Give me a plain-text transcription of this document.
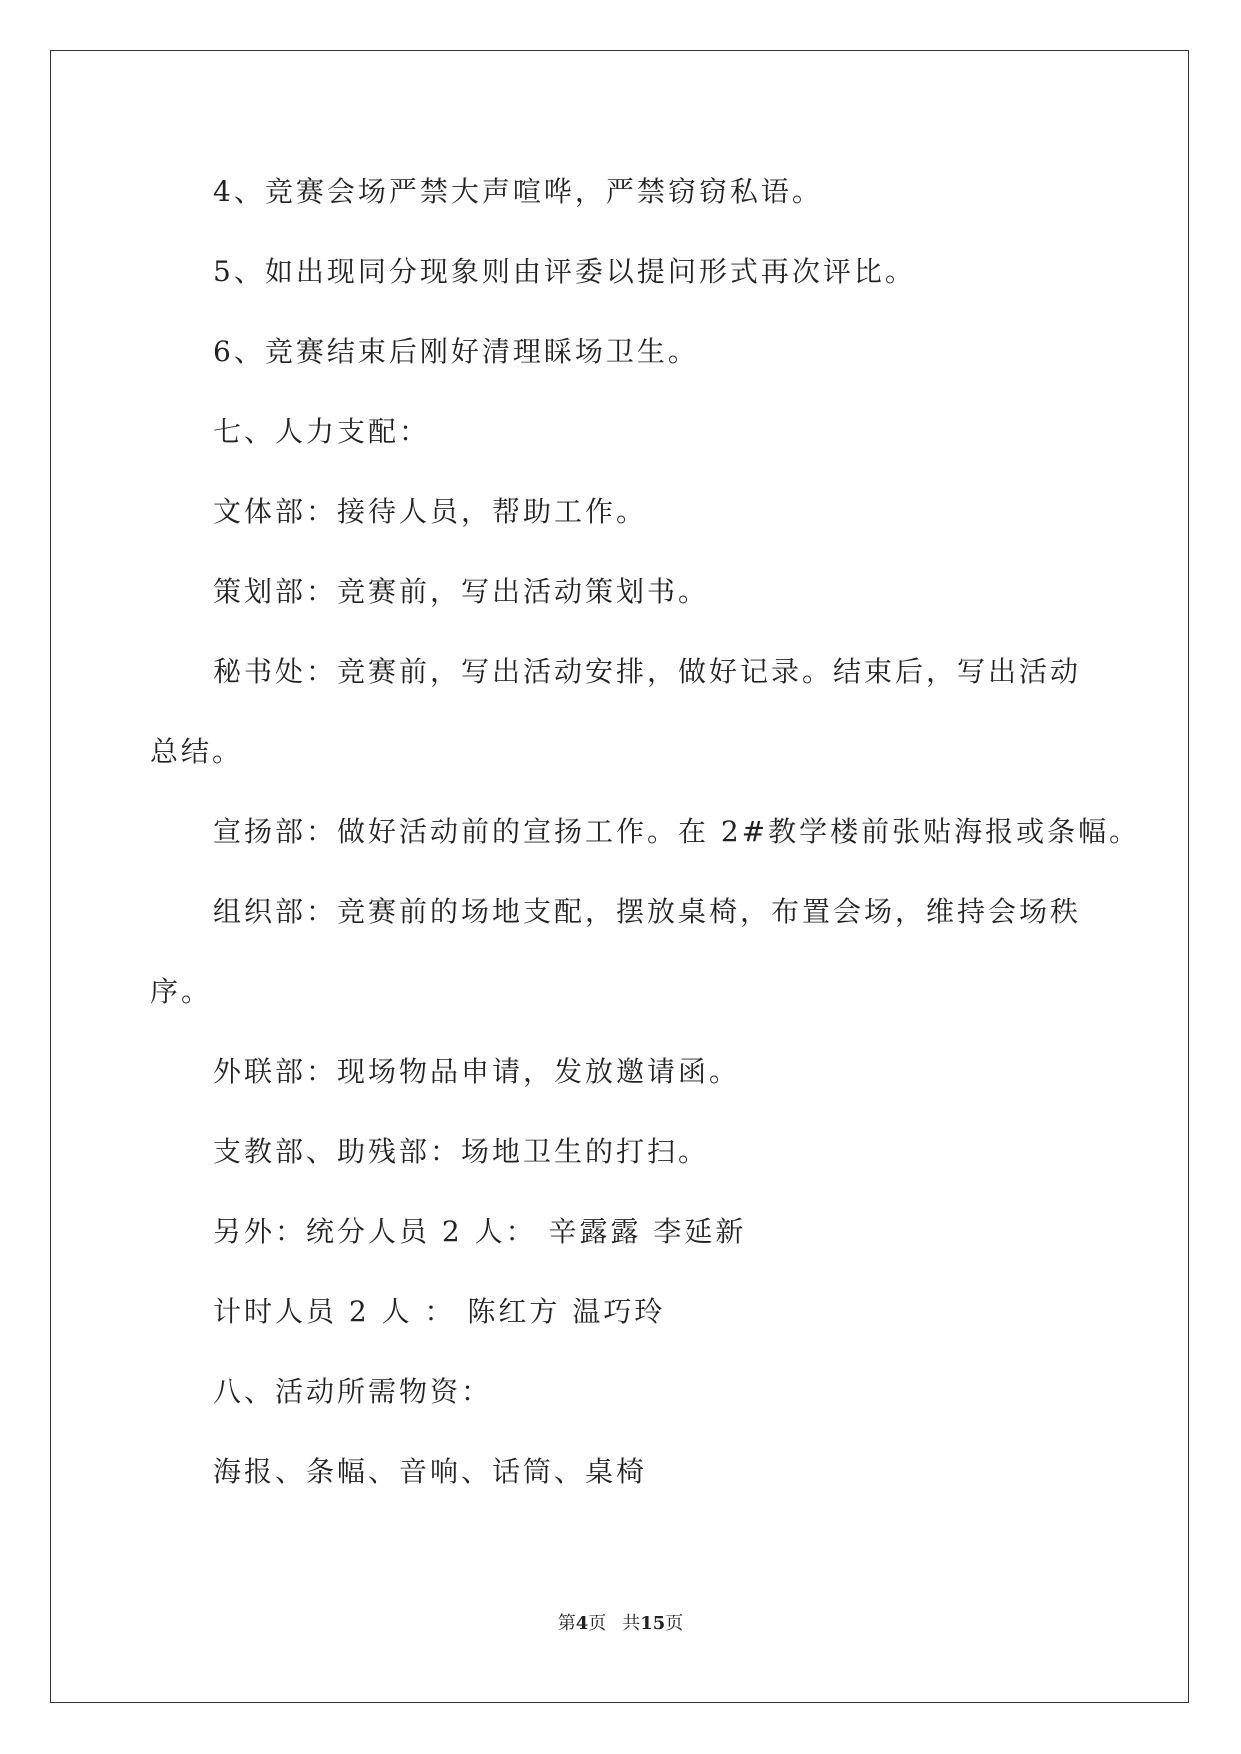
4、竞赛会场严禁大声喧哗，严禁窃窃私语。
5、如出现同分现象则由评委以提问形式再次评比。
6、竞赛结束后刚好清理睬场卫生。
七、人力支配：
文体部：接待人员，帮助工作。
策划部：竞赛前，写出活动策划书。
秘书处：竞赛前，写出活动安排，做好记录。结束后，写出活动
总结。
宣扬部：做好活动前的宣扬工作。在 2#教学楼前张贴海报或条幅。
组织部：竞赛前的场地支配，摆放桌椅，布置会场，维持会场秩
序。
外联部：现场物品申请，发放邀请函。
支教部、助残部：场地卫生的打扫。
另外：统分人员 2 人： 辛露露 李延新
计时人员 2 人 ： 陈红方 温巧玲
八、活动所需物资：
海报、条幅、音响、话筒、桌椅
第4页 共15页
